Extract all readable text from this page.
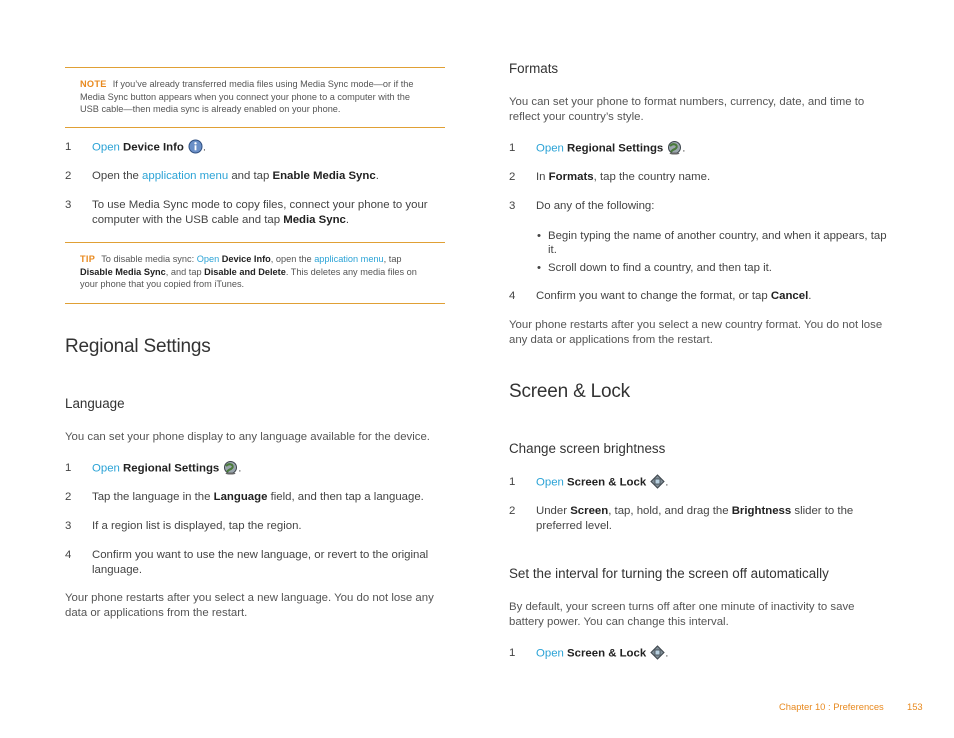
NOTE If you’ve already transferred media files using Media Sync mode—or if the Media Sync button appears when you connect your phone to a computer with the USB cable—then media sync is already enabled on your phone.
1	Open Device Info .
2	Open the application menu and tap Enable Media Sync.
3	To use Media Sync mode to copy files, connect your phone to your computer with the USB cable and tap Media Sync.
TIP To disable media sync: Open Device Info, open the application menu, tap Disable Media Sync, and tap Disable and Delete. This deletes any media files on your phone that you copied from iTunes.
Regional Settings
Language
You can set your phone display to any language available for the device.
1	Open Regional Settings .
2	Tap the language in the Language field, and then tap a language.
3	If a region list is displayed, tap the region.
4	Confirm you want to use the new language, or revert to the original language.
Your phone restarts after you select a new language. You do not lose any data or applications from the restart.
Formats
You can set your phone to format numbers, currency, date, and time to reflect your country’s style.
1	Open Regional Settings .
2	In Formats, tap the country name.
3	Do any of the following:
• Begin typing the name of another country, and when it appears, tap it.
• Scroll down to find a country, and then tap it.
4	Confirm you want to change the format, or tap Cancel.
Your phone restarts after you select a new country format. You do not lose any data or applications from the restart.
Screen & Lock
Change screen brightness
1	Open Screen & Lock .
2	Under Screen, tap, hold, and drag the Brightness slider to the preferred level.
Set the interval for turning the screen off automatically
By default, your screen turns off after one minute of inactivity to save battery power. You can change this interval.
1	Open Screen & Lock .
Chapter 10 : Preferences 153
